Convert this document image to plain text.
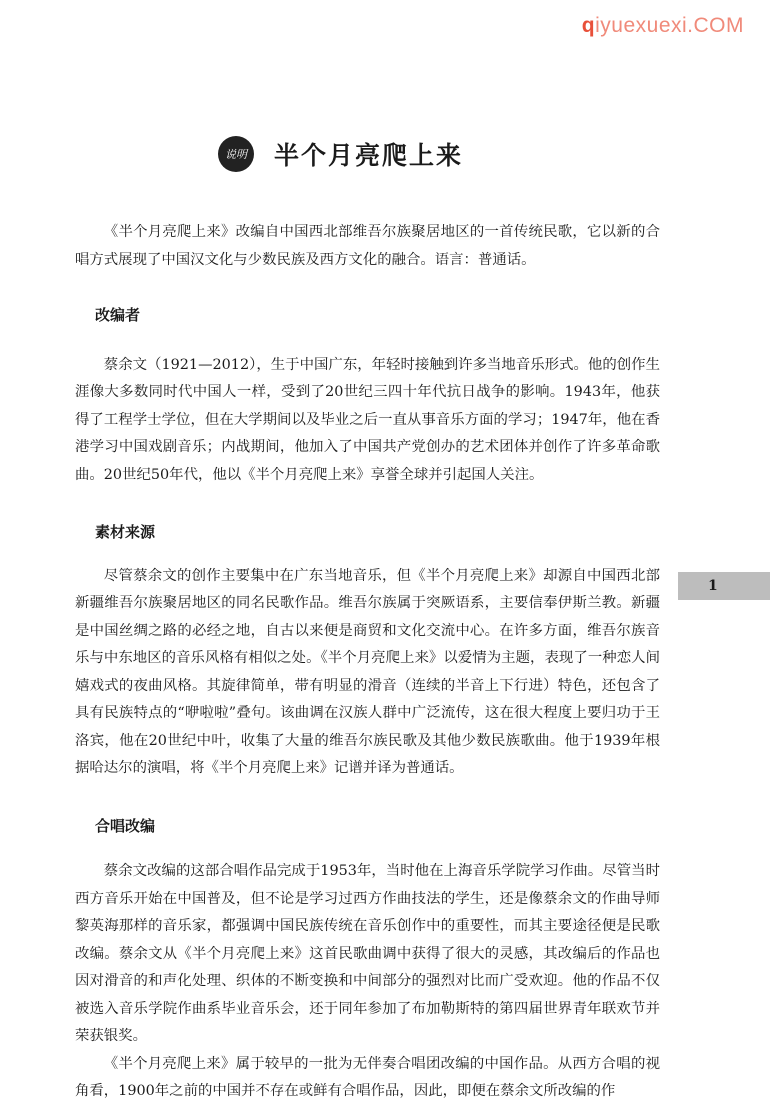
qiyuexuexi.COM
说明 半个月亮爬上来

《半个月亮爬上来》改编自中国西北部维吾尔族聚居地区的一首传统民歌，它以新的合唱方式展现了中国汉文化与少数民族及西方文化的融合。语言：普通话。

改编者

蔡余文（1921—2012），生于中国广东，年轻时接触到许多当地音乐形式。他的创作生涯像大多数同时代中国人一样，受到了20世纪三四十年代抗日战争的影响。1943年，他获得了工程学士学位，但在大学期间以及毕业之后一直从事音乐方面的学习；1947年，他在香港学习中国戏剧音乐；内战期间，他加入了中国共产党创办的艺术团体并创作了许多革命歌曲。20世纪50年代，他以《半个月亮爬上来》享誉全球并引起国人关注。

素材来源

尽管蔡余文的创作主要集中在广东当地音乐，但《半个月亮爬上来》却源自中国西北部新疆维吾尔族聚居地区的同名民歌作品。维吾尔族属于突厥语系，主要信奉伊斯兰教。新疆是中国丝绸之路的必经之地，自古以来便是商贸和文化交流中心。在许多方面，维吾尔族音乐与中东地区的音乐风格有相似之处。《半个月亮爬上来》以爱情为主题，表现了一种恋人间嬉戏式的夜曲风格。其旋律简单，带有明显的滑音（连续的半音上下行进）特色，还包含了具有民族特点的“咿啦啦”叠句。该曲调在汉族人群中广泛流传，这在很大程度上要归功于王洛宾，他在20世纪中叶，收集了大量的维吾尔族民歌及其他少数民族歌曲。他于1939年根据哈达尔的演唱，将《半个月亮爬上来》记谱并译为普通话。

合唱改编

蔡余文改编的这部合唱作品完成于1953年，当时他在上海音乐学院学习作曲。尽管当时西方音乐开始在中国普及，但不论是学习过西方作曲技法的学生，还是像蔡余文的作曲导师黎英海那样的音乐家，都强调中国民族传统在音乐创作中的重要性，而其主要途径便是民歌改编。蔡余文从《半个月亮爬上来》这首民歌曲调中获得了很大的灵感，其改编后的作品也因对滑音的和声化处理、织体的不断变换和中间部分的强烈对比而广受欢迎。他的作品不仅被选入音乐学院作曲系毕业音乐会，还于同年参加了布加勒斯特的第四届世界青年联欢节并荣获银奖。

《半个月亮爬上来》属于较早的一批为无伴奏合唱团改编的中国作品。从西方合唱的视角看，1900年之前的中国并不存在或鲜有合唱作品，因此，即便在蔡余文所改编的作

1
